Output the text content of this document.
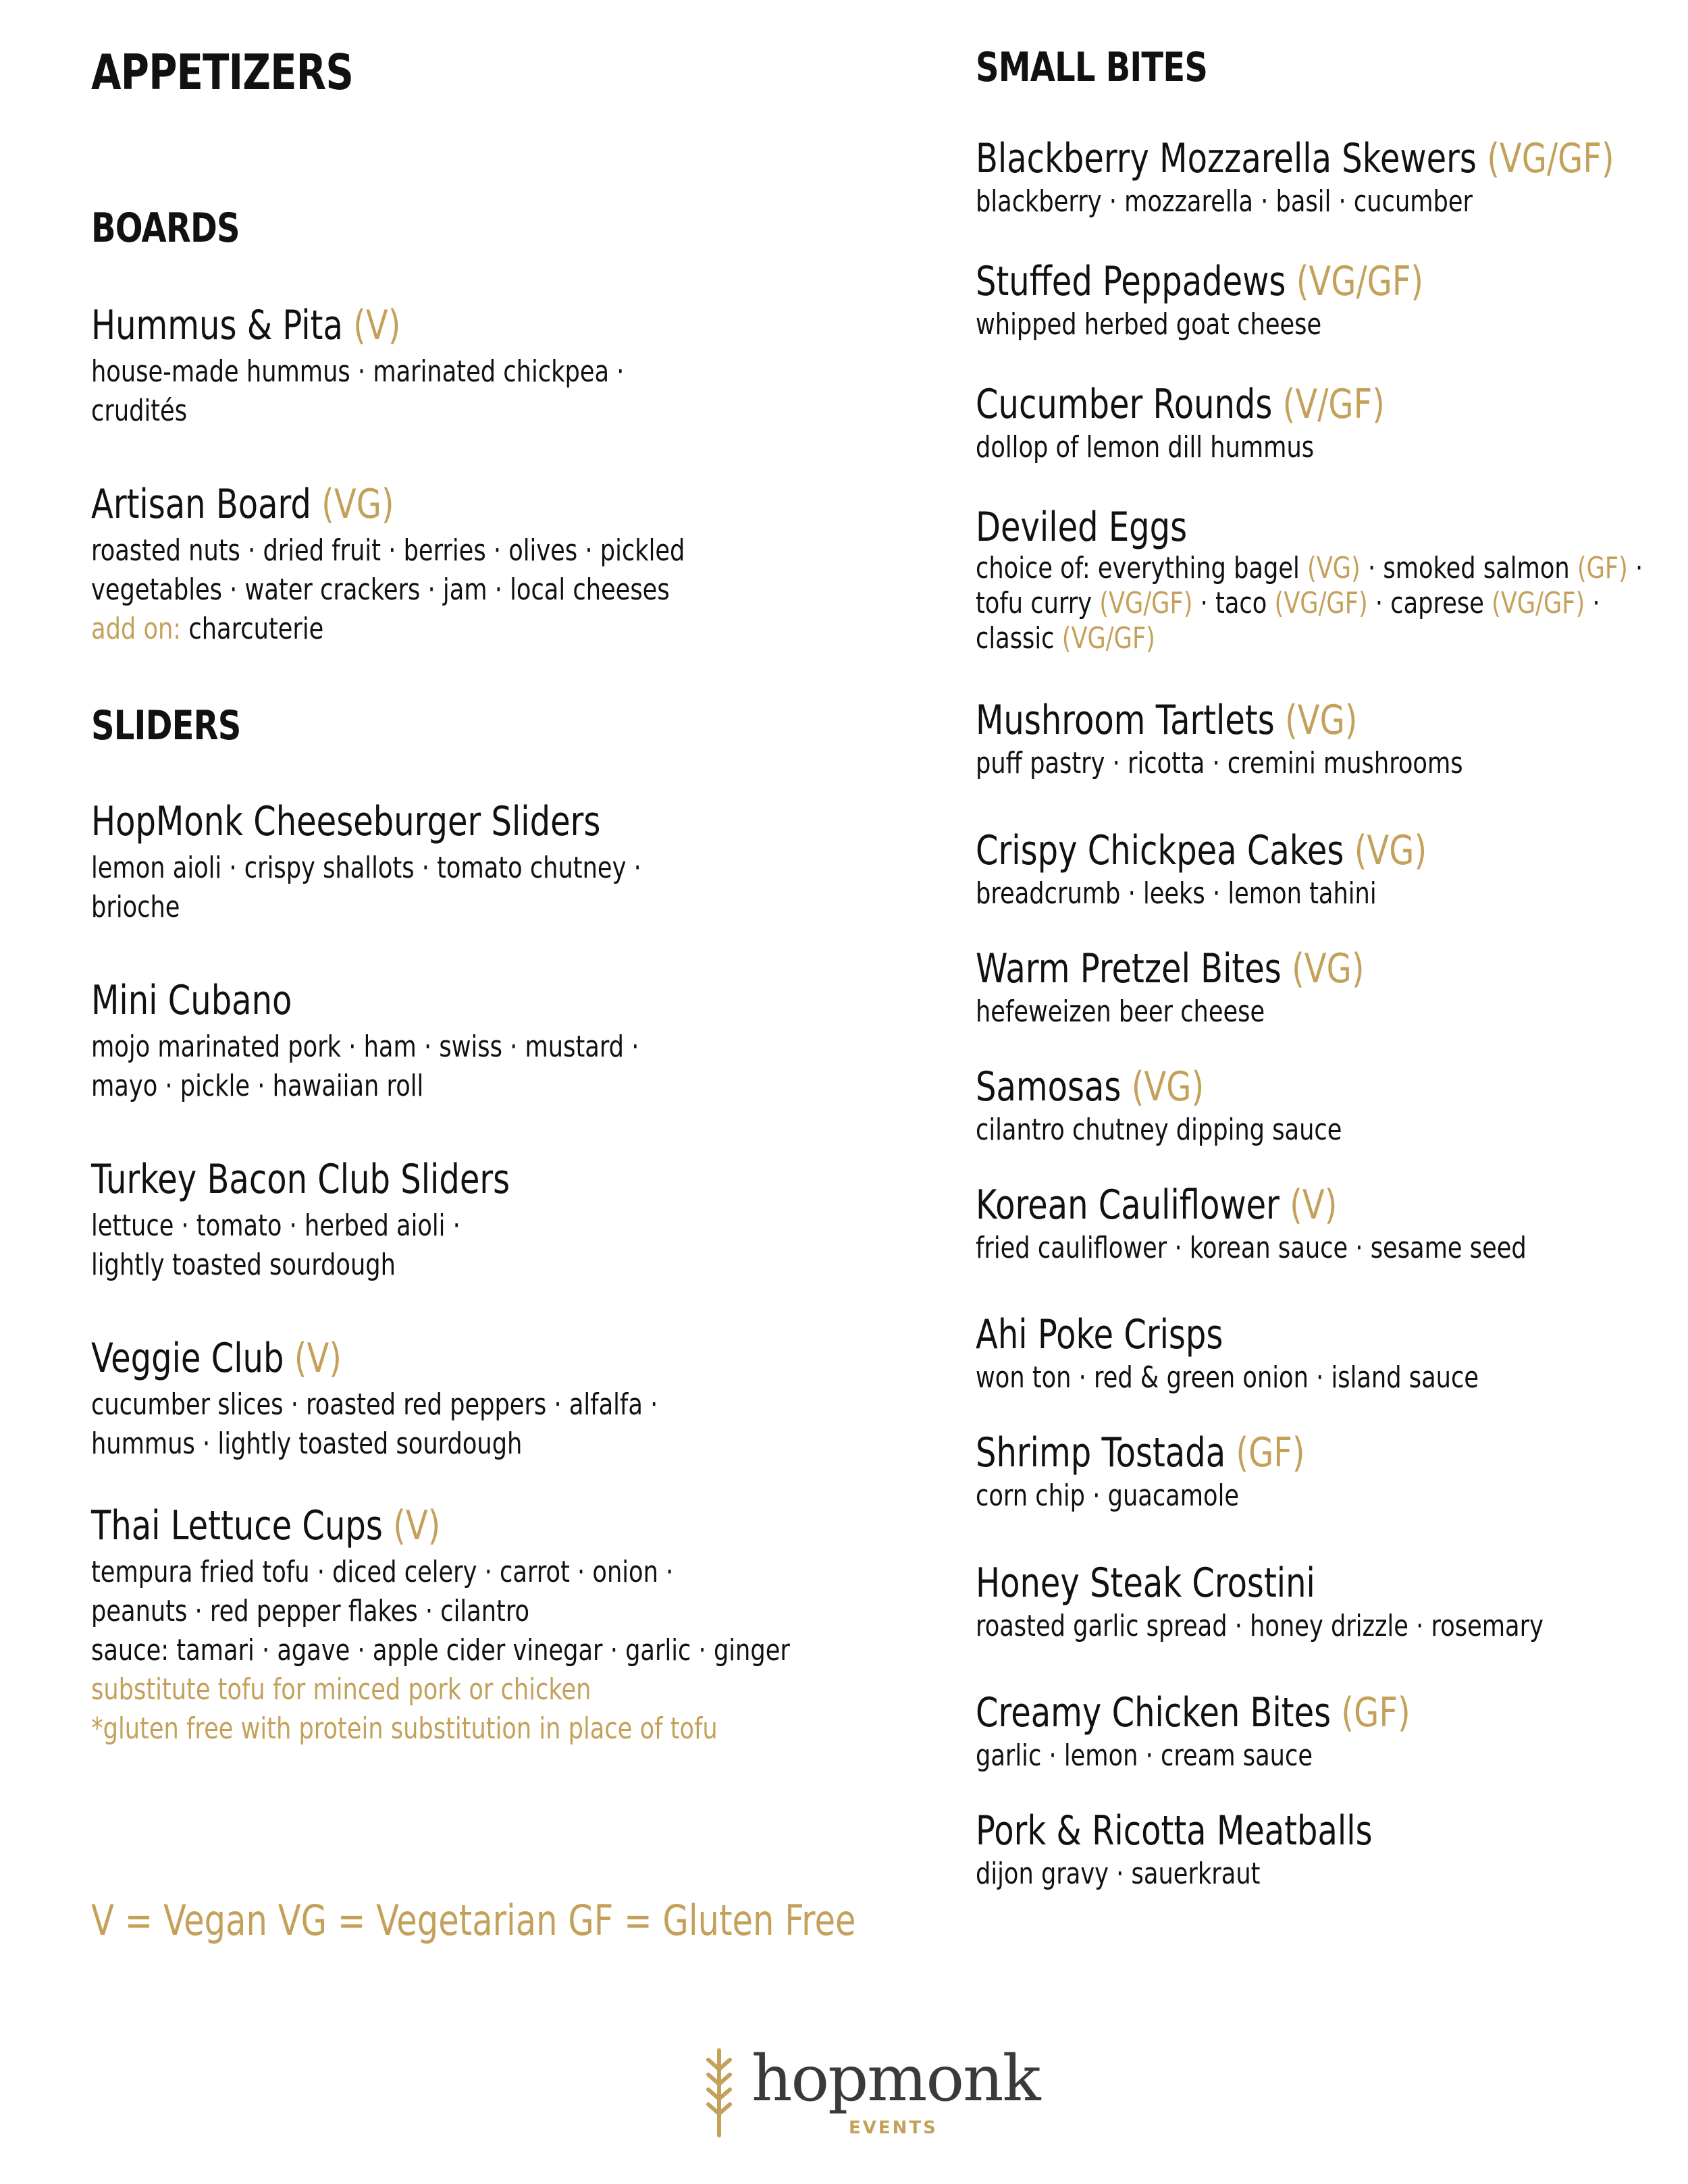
APPETIZERS
BOARDS
Hummus & Pita (V)
house-made hummus · marinated chickpea ·
crudités
Artisan Board (VG)
roasted nuts · dried fruit · berries · olives · pickled
vegetables · water crackers · jam · local cheeses
add on: charcuterie
SLIDERS
HopMonk Cheeseburger Sliders
lemon aioli · crispy shallots · tomato chutney ·
brioche
Mini Cubano
mojo marinated pork · ham · swiss · mustard ·
mayo · pickle · hawaiian roll
Turkey Bacon Club Sliders
lettuce · tomato · herbed aioli ·
lightly toasted sourdough
Veggie Club (V)
cucumber slices · roasted red peppers · alfalfa ·
hummus · lightly toasted sourdough
Thai Lettuce Cups (V)
tempura fried tofu · diced celery · carrot · onion ·
peanuts · red pepper flakes · cilantro
sauce: tamari · agave · apple cider vinegar · garlic · ginger
substitute tofu for minced pork or chicken
*gluten free with protein substitution in place of tofu
V = Vegan VG = Vegetarian GF = Gluten Free
SMALL BITES
Blackberry Mozzarella Skewers (VG/GF)
blackberry · mozzarella · basil · cucumber
Stuffed Peppadews (VG/GF)
whipped herbed goat cheese
Cucumber Rounds (V/GF)
dollop of lemon dill hummus
Deviled Eggs
choice of: everything bagel (VG) · smoked salmon (GF) ·
tofu curry (VG/GF) · taco (VG/GF) · caprese (VG/GF) ·
classic (VG/GF)
Mushroom Tartlets (VG)
puff pastry · ricotta · cremini mushrooms
Crispy Chickpea Cakes (VG)
breadcrumb · leeks · lemon tahini
Warm Pretzel Bites (VG)
hefeweizen beer cheese
Samosas (VG)
cilantro chutney dipping sauce
Korean Cauliflower (V)
fried cauliflower · korean sauce · sesame seed
Ahi Poke Crisps
won ton · red & green onion · island sauce
Shrimp Tostada (GF)
corn chip · guacamole
Honey Steak Crostini
roasted garlic spread · honey drizzle · rosemary
Creamy Chicken Bites (GF)
garlic · lemon · cream sauce
Pork & Ricotta Meatballs
dijon gravy · sauerkraut
hopmonk
EVENTS
